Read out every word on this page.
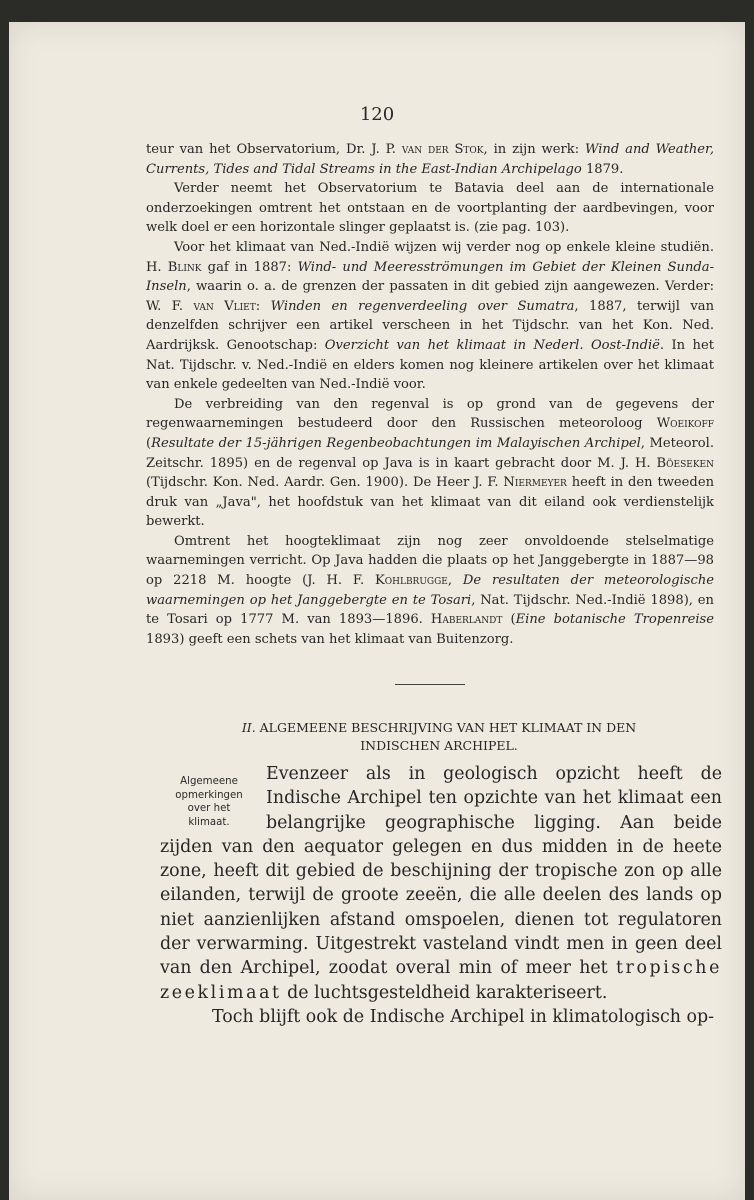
120

teur van het Observatorium, Dr. J. P. van der Stok, in zijn werk: Wind and Weather, Currents, Tides and Tidal Streams in the East-Indian Archipelago 1879.

Verder neemt het Observatorium te Batavia deel aan de internationale onderzoekingen omtrent het ontstaan en de voortplanting der aardbevingen, voor welk doel er een horizontale slinger geplaatst is. (zie pag. 103).

Voor het klimaat van Ned.-Indië wijzen wij verder nog op enkele kleine studiën. H. Blink gaf in 1887: Wind- und Meeresströmungen im Gebiet der Kleinen Sunda-Inseln, waarin o. a. de grenzen der passaten in dit gebied zijn aangewezen. Verder: W. F. van Vliet: Winden en regenverdeeling over Sumatra, 1887, terwijl van denzelfden schrijver een artikel verscheen in het Tijdschr. van het Kon. Ned. Aardrijksk. Genootschap: Overzicht van het klimaat in Nederl. Oost-Indië. In het Nat. Tijdschr. v. Ned.-Indië en elders komen nog kleinere artikelen over het klimaat van enkele gedeelten van Ned.-Indië voor.

De verbreiding van den regenval is op grond van de gegevens der regenwaarnemingen bestudeerd door den Russischen meteoroloog Woeikoff (Resultate der 15-jährigen Regenbeobachtungen im Malayischen Archipel, Meteorol. Zeitschr. 1895) en de regenval op Java is in kaart gebracht door M. J. H. Böeseken (Tijdschr. Kon. Ned. Aardr. Gen. 1900). De Heer J. F. Niermeyer heeft in den tweeden druk van „Java", het hoofdstuk van het klimaat van dit eiland ook verdienstelijk bewerkt.

Omtrent het hoogteklimaat zijn nog zeer onvoldoende stelselmatige waarnemingen verricht. Op Java hadden die plaats op het Janggebergte in 1887—98 op 2218 M. hoogte (J. H. F. Kohlbrugge, De resultaten der meteorologische waarnemingen op het Janggebergte en te Tosari, Nat. Tijdschr. Ned.-Indië 1898), en te Tosari op 1777 M. van 1893—1896. Haberlandt (Eine botanische Tropenreise 1893) geeft een schets van het klimaat van Buitenzorg.

II. ALGEMEENE BESCHRIJVING VAN HET KLIMAAT IN DEN
INDISCHEN ARCHIPEL.
Algemeene
opmerkingen
over het
klimaat.

Evenzeer als in geologisch opzicht heeft de Indische Archipel ten opzichte van het klimaat een belangrijke geographische ligging. Aan beide zijden van den aequator gelegen en dus midden in de heete zone, heeft dit gebied de beschijning der tropische zon op alle eilanden, terwijl de groote zeeën, die alle deelen des lands op niet aanzienlijken afstand omspoelen, dienen tot regulatoren der verwarming. Uitgestrekt vasteland vindt men in geen deel van den Archipel, zoodat overal min of meer het tropische zeeklimaat de luchtsgesteldheid karakteriseert.

Toch blijft ook de Indische Archipel in klimatologisch op-
